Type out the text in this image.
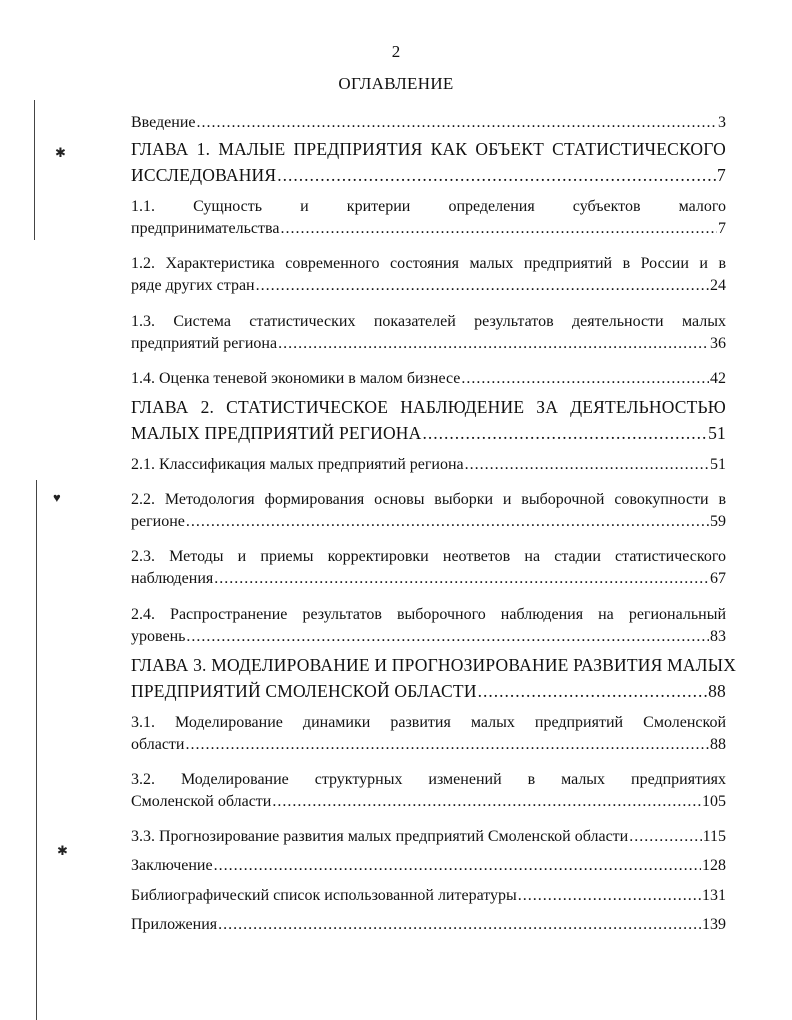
2
ОГЛАВЛЕНИЕ
✱
♥
✱
Введение .....	3
ГЛАВА 1. МАЛЫЕ ПРЕДПРИЯТИЯ КАК ОБЪЕКТ СТАТИСТИЧЕСКОГО
ИССЛЕДОВАНИЯ .....	7
1.1. Сущность и критерии определения субъектов малого
предпринимательства .....	7
1.2. Характеристика современного состояния малых предприятий в России и в
ряде других стран .....	24
1.3. Система статистических показателей результатов деятельности малых
предприятий региона .....	36
1.4. Оценка теневой экономики в малом бизнесе .....	42
ГЛАВА 2. СТАТИСТИЧЕСКОЕ НАБЛЮДЕНИЕ ЗА ДЕЯТЕЛЬНОСТЬЮ
МАЛЫХ ПРЕДПРИЯТИЙ РЕГИОНА .....	51
2.1. Классификация малых предприятий региона .....	51
2.2. Методология формирования основы выборки и выборочной совокупности в
регионе .....	59
2.3. Методы и приемы корректировки неответов на стадии статистического
наблюдения .....	67
2.4. Распространение результатов выборочного наблюдения на региональный
уровень .....	83
ГЛАВА 3. МОДЕЛИРОВАНИЕ И ПРОГНОЗИРОВАНИЕ РАЗВИТИЯ МАЛЫХ
ПРЕДПРИЯТИЙ СМОЛЕНСКОЙ ОБЛАСТИ .....	88
3.1. Моделирование динамики развития малых предприятий Смоленской
области .....	88
3.2. Моделирование структурных изменений в малых предприятиях
Смоленской области .....	105
3.3. Прогнозирование развития малых предприятий Смоленской области .....	115
Заключение .....	128
Библиографический список использованной литературы .....	131
Приложения .....	139
